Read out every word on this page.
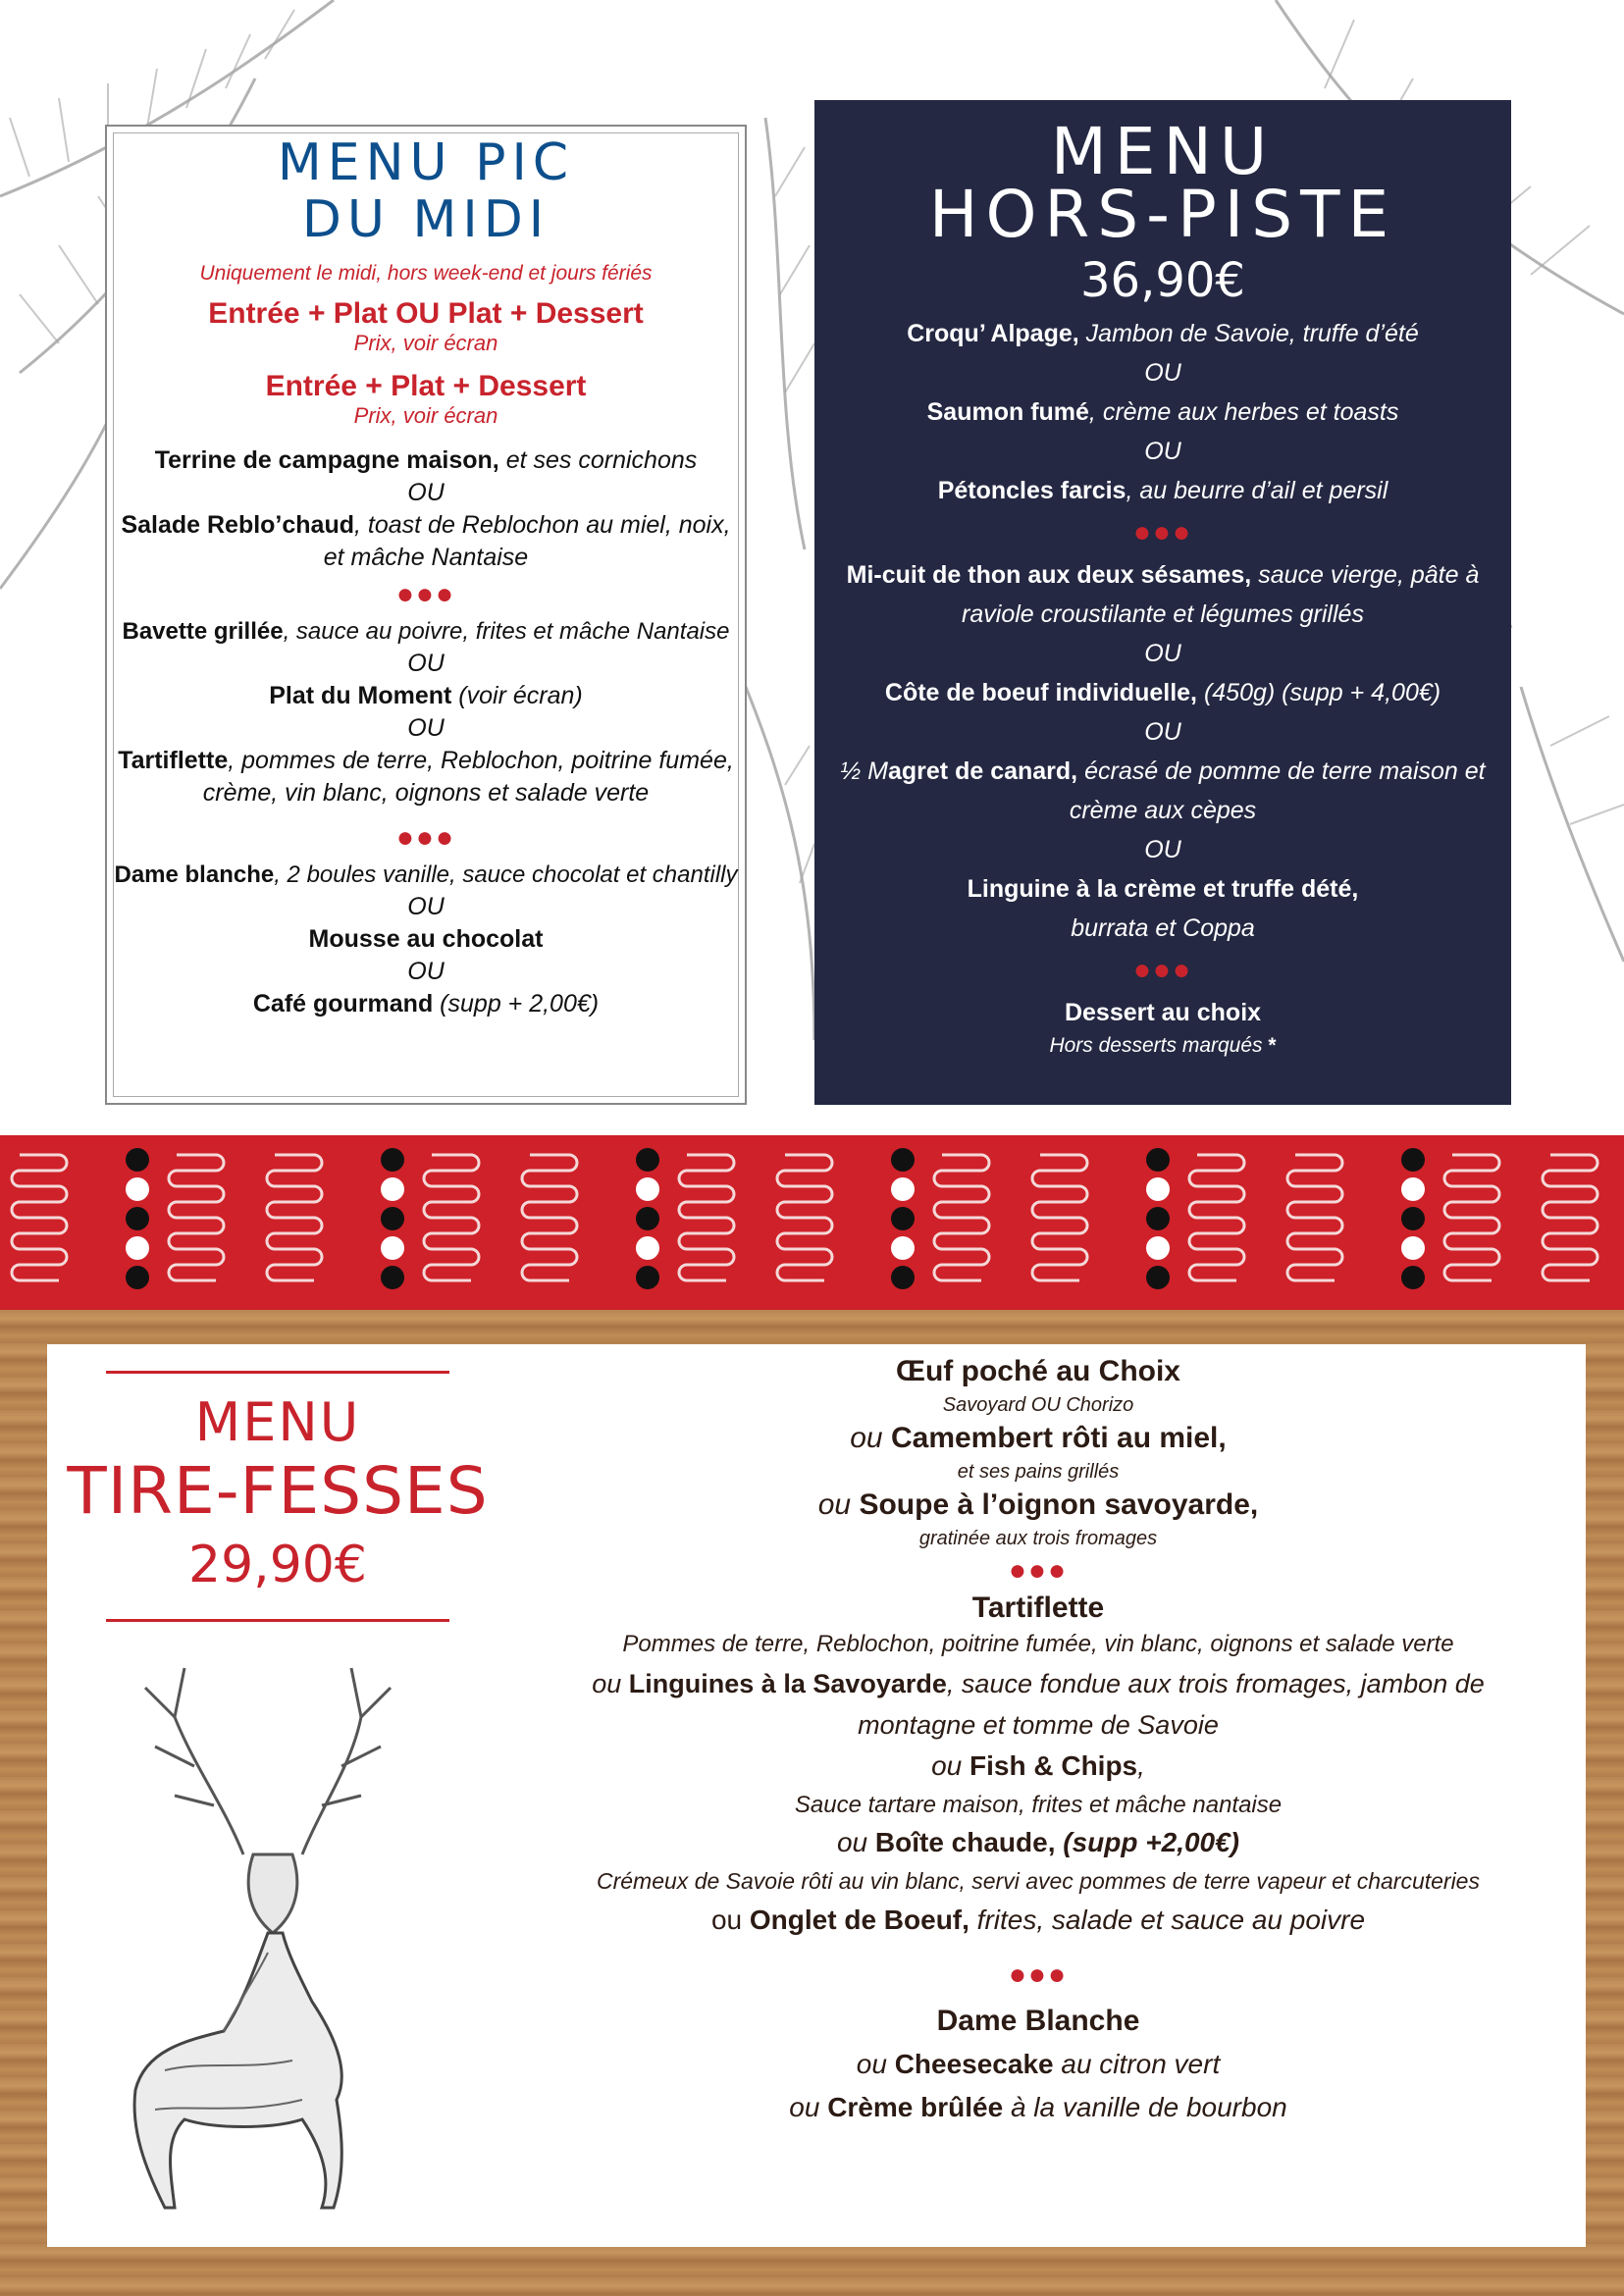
MENU PIC

DU MIDI

Uniquement le midi, hors week-end et jours fériés

Entrée + Plat OU Plat + Dessert

Prix, voir écran

Entrée + Plat + Dessert

Prix, voir écran

Terrine de campagne maison, et ses cornichons

OU

Salade Reblo’chaud, toast de Reblochon au miel, noix,

et mâche Nantaise

●●●

Bavette grillée, sauce au poivre, frites et mâche Nantaise

OU

Plat du Moment (voir écran)

OU

Tartiflette, pommes de terre, Reblochon, poitrine fumée,

crème, vin blanc, oignons et salade verte

●●●

Dame blanche, 2 boules vanille, sauce chocolat et chantilly

OU

Mousse au chocolat

OU

Café gourmand (supp + 2,00€)

MENU

HORS-PISTE

36,90€

Croqu’ Alpage, Jambon de Savoie, truffe d’été

OU

Saumon fumé, crème aux herbes et toasts

OU

Pétoncles farcis, au beurre d’ail et persil

●●●

Mi-cuit de thon aux deux sésames, sauce vierge, pâte à

raviole croustilante et légumes grillés

OU

Côte de boeuf individuelle, (450g) (supp + 4,00€)

OU

½ Magret de canard, écrasé de pomme de terre maison et

crème aux cèpes

OU

Linguine à la crème et truffe dété,

burrata et Coppa

●●●

Dessert au choix

Hors desserts marqués *

MENU

TIRE-FESSES

29,90€

Œuf poché au Choix

Savoyard OU Chorizo

ou Camembert rôti au miel,

et ses pains grillés

ou Soupe à l’oignon savoyarde,

gratinée aux trois fromages

●●●

Tartiflette

Pommes de terre, Reblochon, poitrine fumée, vin blanc, oignons et salade verte

ou Linguines à la Savoyarde, sauce fondue aux trois fromages, jambon de

montagne et tomme de Savoie

ou Fish & Chips,

Sauce tartare maison, frites et mâche nantaise

ou Boîte chaude, (supp +2,00€)

Crémeux de Savoie rôti au vin blanc, servi avec pommes de terre vapeur et charcuteries

ou Onglet de Boeuf, frites, salade et sauce au poivre

●●●

Dame Blanche

ou Cheesecake au citron vert

ou Crème brûlée à la vanille de bourbon
